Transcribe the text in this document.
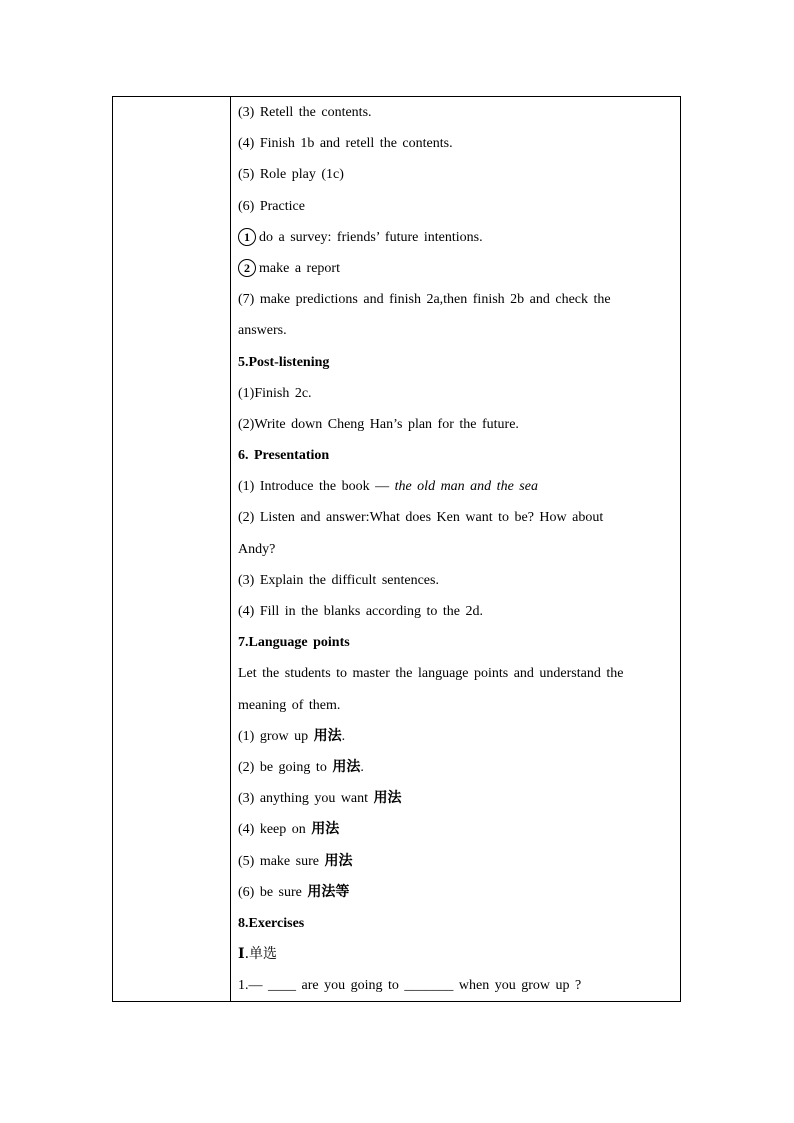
(3) Retell the contents.
(4) Finish 1b and retell the contents.
(5) Role play (1c)
(6) Practice
1 do a survey: friends’ future intentions.
2 make a report
(7) make predictions and finish 2a,then finish 2b and check the
answers.
5.Post-listening
(1)Finish 2c.
(2)Write down Cheng Han’s plan for the future.
6. Presentation
(1) Introduce the book — the old man and the sea
(2) Listen and answer:What does Ken want to be? How about
Andy?
(3) Explain the difficult sentences.
(4) Fill in the blanks according to the 2d.
7.Language points
Let the students to master the language points and understand the
meaning of them.
(1) grow up 用法.
(2) be going to 用法.
(3) anything you want 用法
(4) keep on 用法
(5) make sure 用法
(6) be sure 用法等
8.Exercises
Ⅰ.单选
1.— ____ are you going to _______ when you grow up ?
